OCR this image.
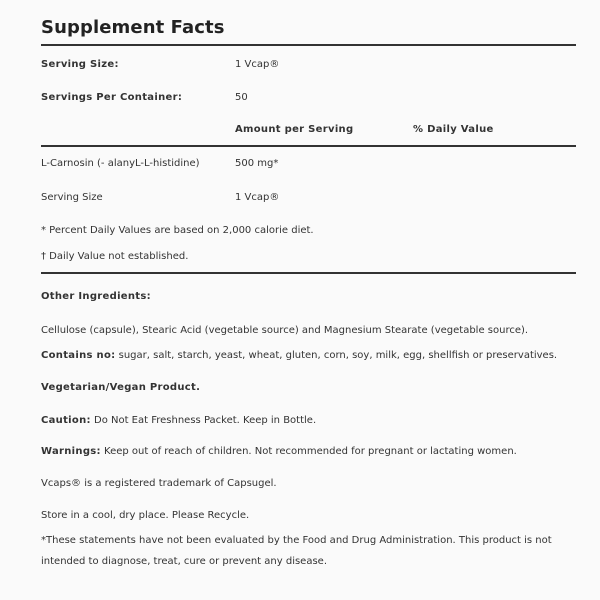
Supplement Facts
Serving Size:	1 Vcap®
Servings Per Container:	50
Amount per Serving	% Daily Value
L-Carnosin (- alanyL-L-histidine)	500 mg*
Serving Size	1 Vcap®
* Percent Daily Values are based on 2,000 calorie diet.
† Daily Value not established.
Other Ingredients:
Cellulose (capsule), Stearic Acid (vegetable source) and Magnesium Stearate (vegetable source).
Contains no: sugar, salt, starch, yeast, wheat, gluten, corn, soy, milk, egg, shellfish or preservatives.
Vegetarian/Vegan Product.
Caution: Do Not Eat Freshness Packet. Keep in Bottle.
Warnings: Keep out of reach of children. Not recommended for pregnant or lactating women.
Vcaps® is a registered trademark of Capsugel.
Store in a cool, dry place. Please Recycle.
*These statements have not been evaluated by the Food and Drug Administration. This product is not
intended to diagnose, treat, cure or prevent any disease.
